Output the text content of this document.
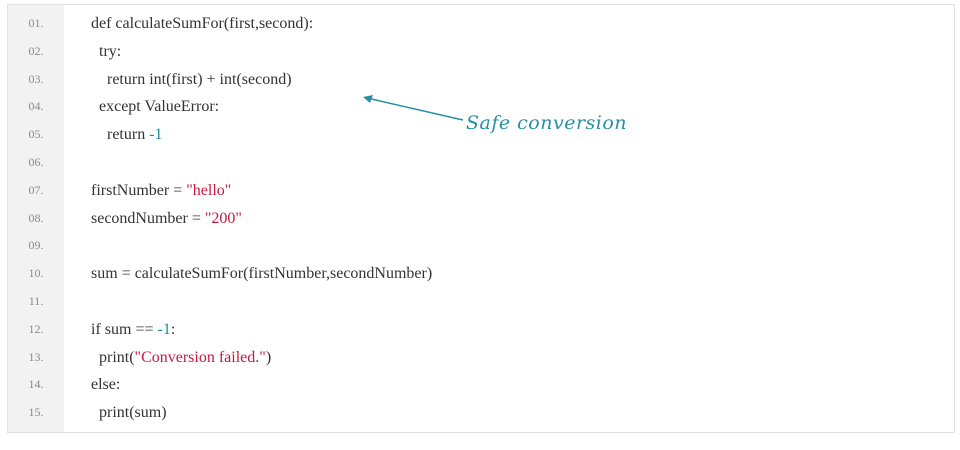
01.	def calculateSumFor(first,second):
02.	try:
03.	return int(first) + int(second)
04.	except ValueError:
05.	return -1
06.
07.	firstNumber = "hello"
08.	secondNumber = "200"
09.
10.	sum = calculateSumFor(firstNumber,secondNumber)
11.
12.	if sum == -1:
13.	print("Conversion failed.")
14.	else:
15.	print(sum)
Safe conversion
